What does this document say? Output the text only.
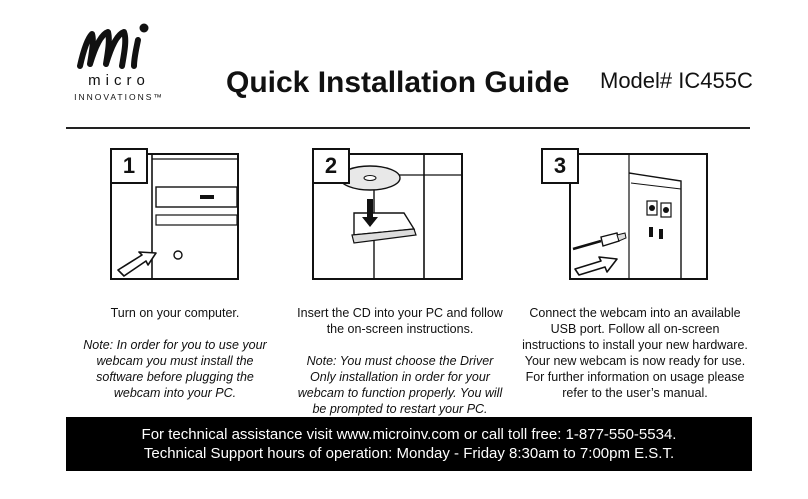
micro
INNOVATIONS™	Quick Installation Guide Model# IC455C
1	2	3

Turn on your computer.

Note: In order for you to use your webcam you must install the software before plugging the webcam into your PC.

Insert the CD into your PC and follow the on-screen instructions.

Note: You must choose the Driver Only installation in order for your webcam to function properly. You will be prompted to restart your PC.

Connect the webcam into an available USB port. Follow all on-screen instructions to install your new hardware. Your new webcam is now ready for use. For further information on usage please refer to the user’s manual.

For technical assistance visit www.microinv.com or call toll free: 1-877-550-5534.
Technical Support hours of operation: Monday - Friday 8:30am to 7:00pm E.S.T.
